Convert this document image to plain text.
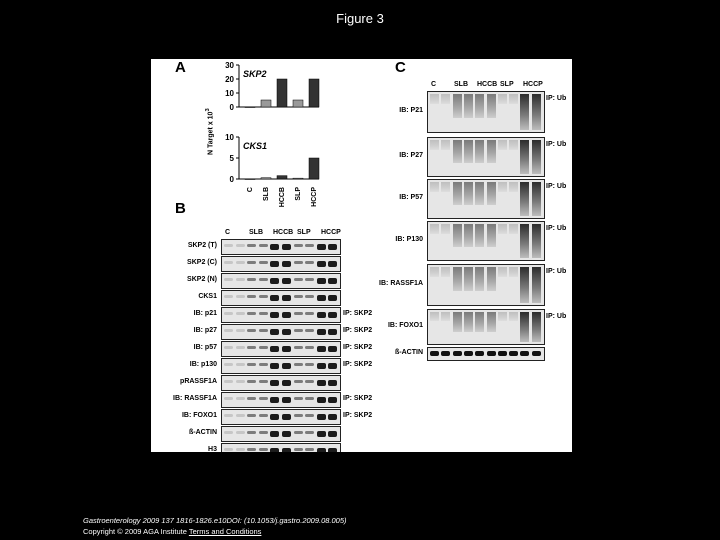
Figure 3
A
B
C
N Target x $10^3$	0
10
20
30
SKP2
0
5
10
CKS1
C SLB HCCB SLP HCCP
C	SLB HCCB SLP HCCP
SKP2 (T)
SKP2 (C)
SKP2 (N)
CKS1
IB: p21	IP: SKP2
IB: p27	IP: SKP2
IB: p57	IP: SKP2
IB: p130	IP: SKP2
pRASSF1A
IB: RASSF1A	IP: SKP2
IB: FOXO1	IP: SKP2
ß-ACTIN
H3
C	SLB HCCB SLP HCCP
IB: P21
IP: Ub
IB: P27
IP: Ub
IB: P57
IP: Ub
IB: P130
IP: Ub
IB: RASSF1A
IP: Ub
IB: FOXO1
IP: Ub
ß-ACTIN
Gastroenterology 2009 137 1816-1826.e10DOI: (10.1053/j.gastro.2009.08.005)
Copyright © 2009 AGA Institute Terms and Conditions
